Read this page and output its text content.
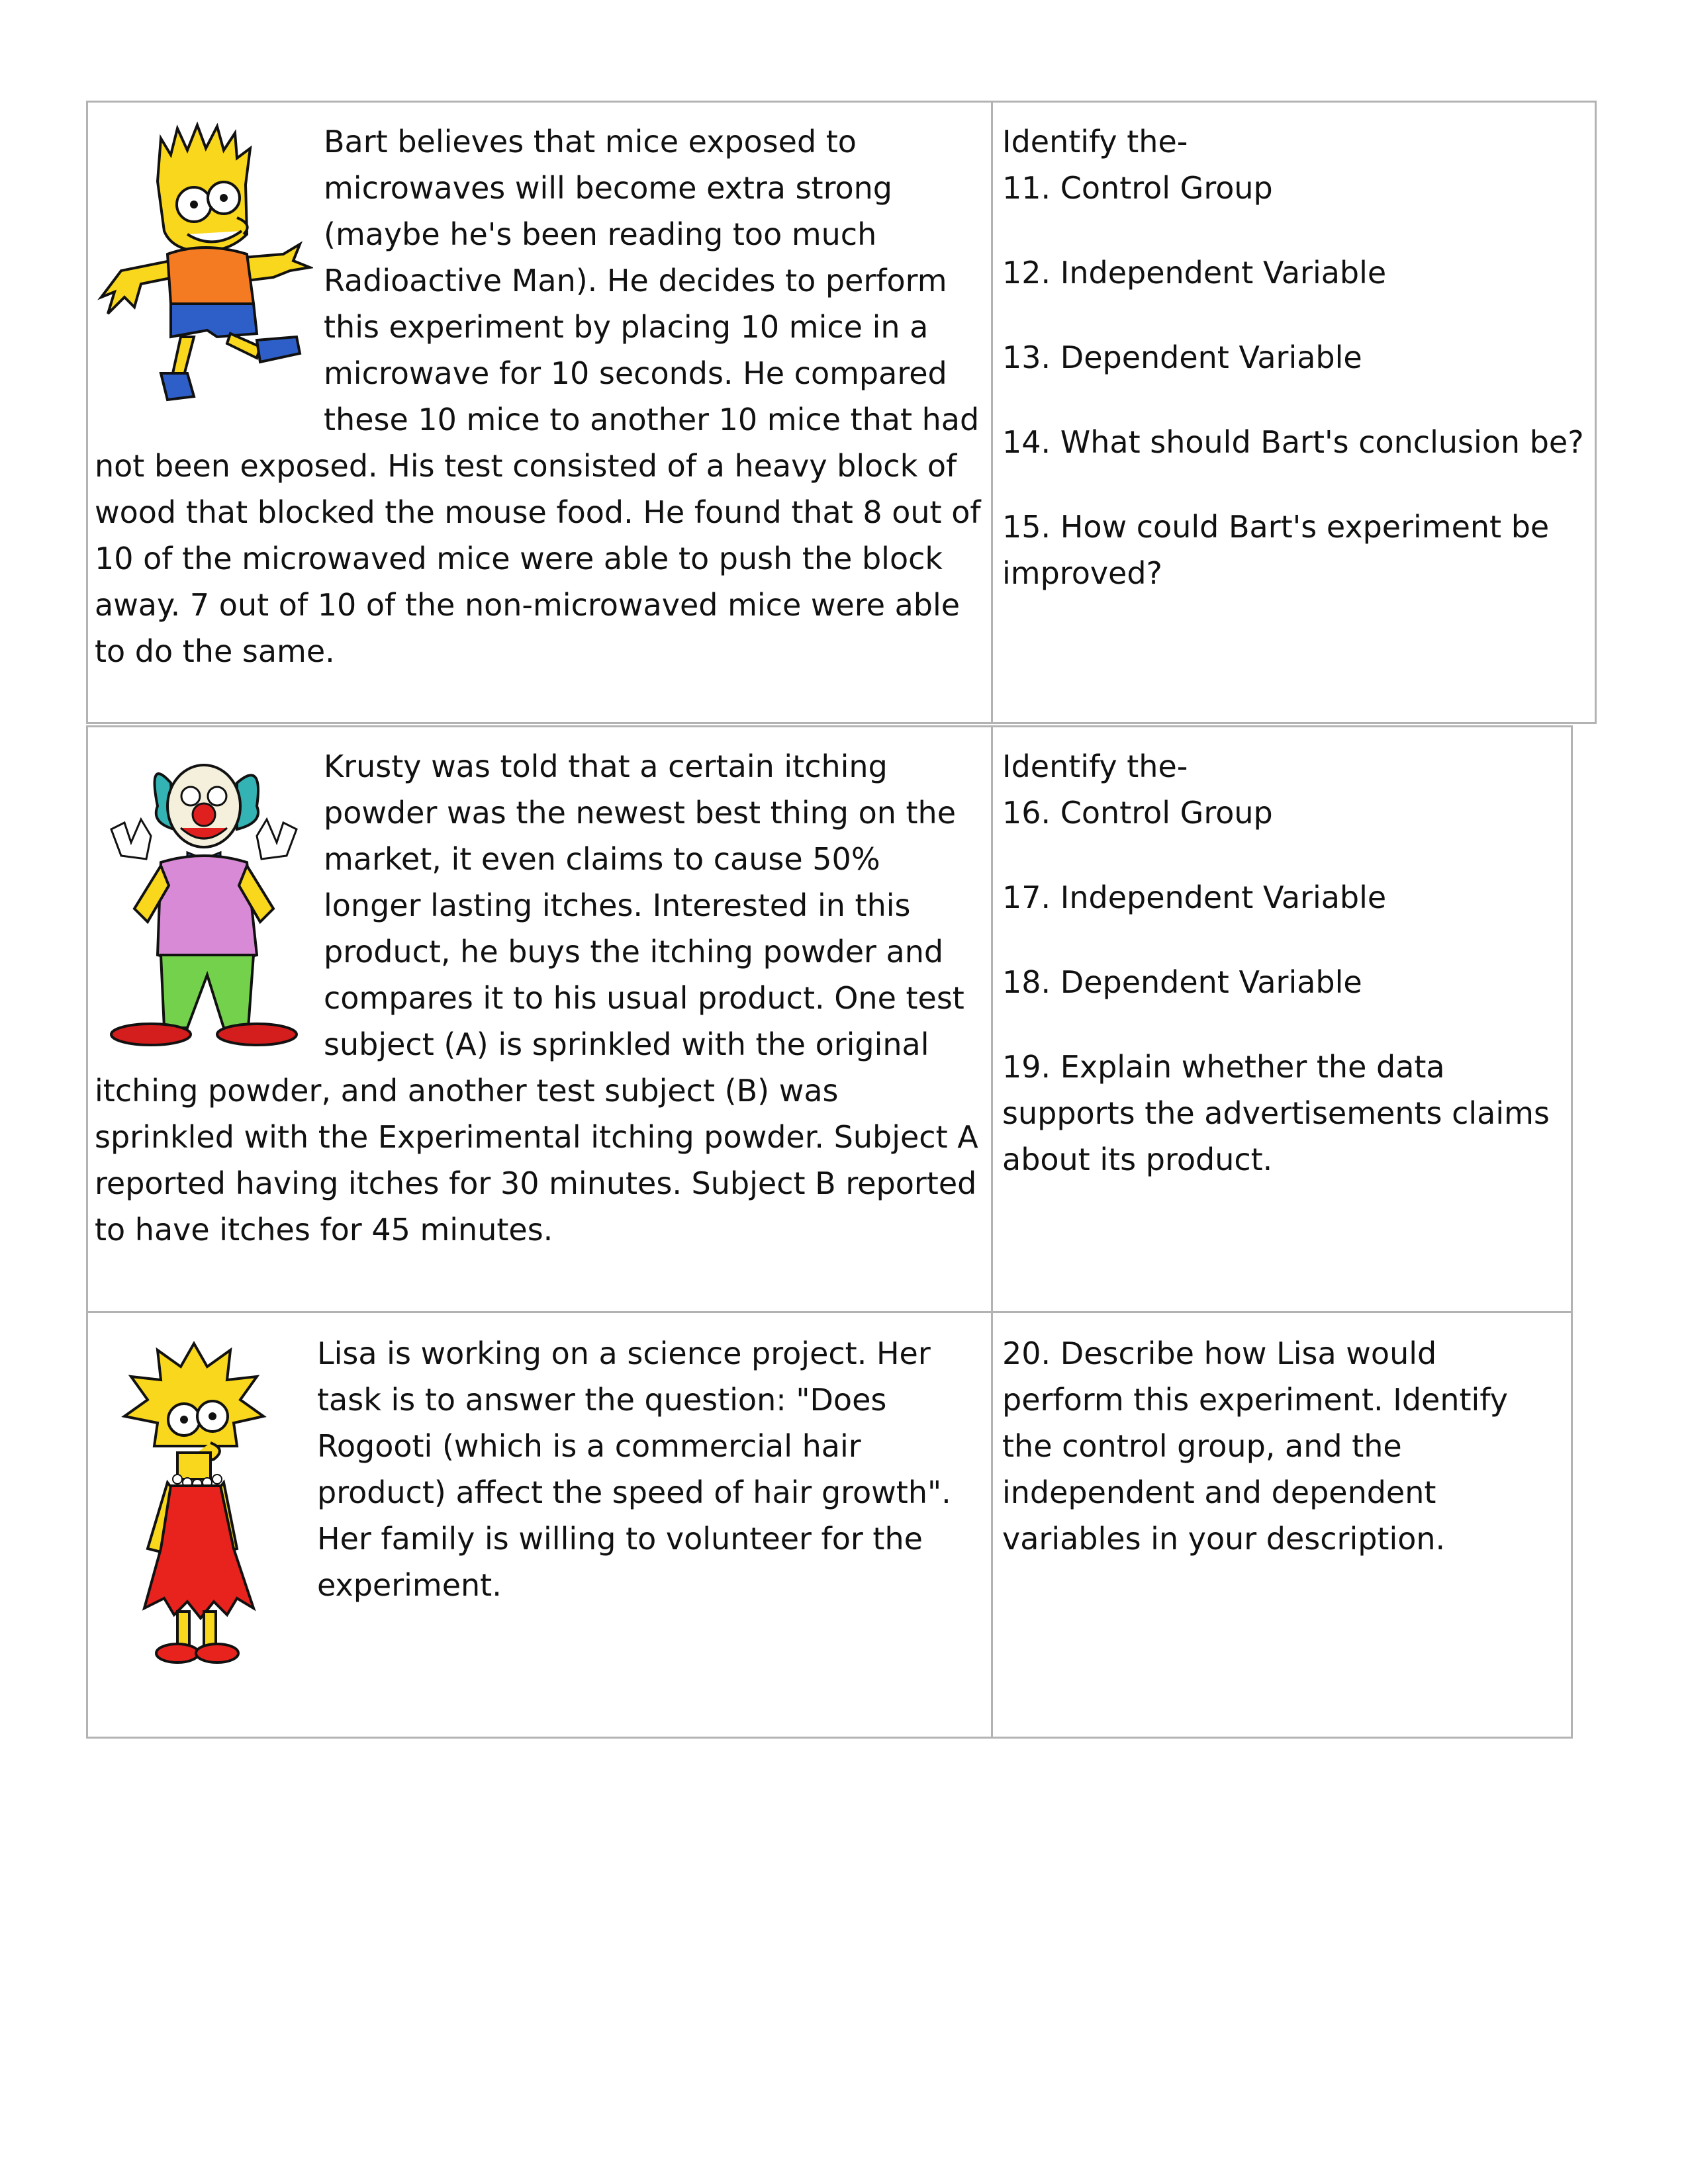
Bart believes that mice exposed to microwaves will become extra strong (maybe he's been reading too much Radioactive Man). He decides to perform this experiment by placing 10 mice in a microwave for 10 seconds. He compared these 10 mice to another 10 mice that had not been exposed. His test consisted of a heavy block of wood that blocked the mouse food. He found that 8 out of 10 of the microwaved mice were able to push the block away. 7 out of 10 of the non-microwaved mice were able to do the same.

Identify the-

11. Control Group

12. Independent Variable

13. Dependent Variable

14. What should Bart's conclusion be?

15. How could Bart's experiment be improved?

Krusty was told that a certain itching powder was the newest best thing on the market, it even claims to cause 50% longer lasting itches. Interested in this product, he buys the itching powder and compares it to his usual product. One test subject (A) is sprinkled with the original itching powder, and another test subject (B) was sprinkled with the Experimental itching powder. Subject A reported having itches for 30 minutes. Subject B reported to have itches for 45 minutes.

Identify the-

16. Control Group

17. Independent Variable

18. Dependent Variable

19. Explain whether the data supports the advertisements claims about its product.

Lisa is working on a science project. Her task is to answer the question: "Does Rogooti (which is a commercial hair product) affect the speed of hair growth". Her family is willing to volunteer for the experiment.

20. Describe how Lisa would perform this experiment. Identify the control group, and the independent and dependent variables in your description.
